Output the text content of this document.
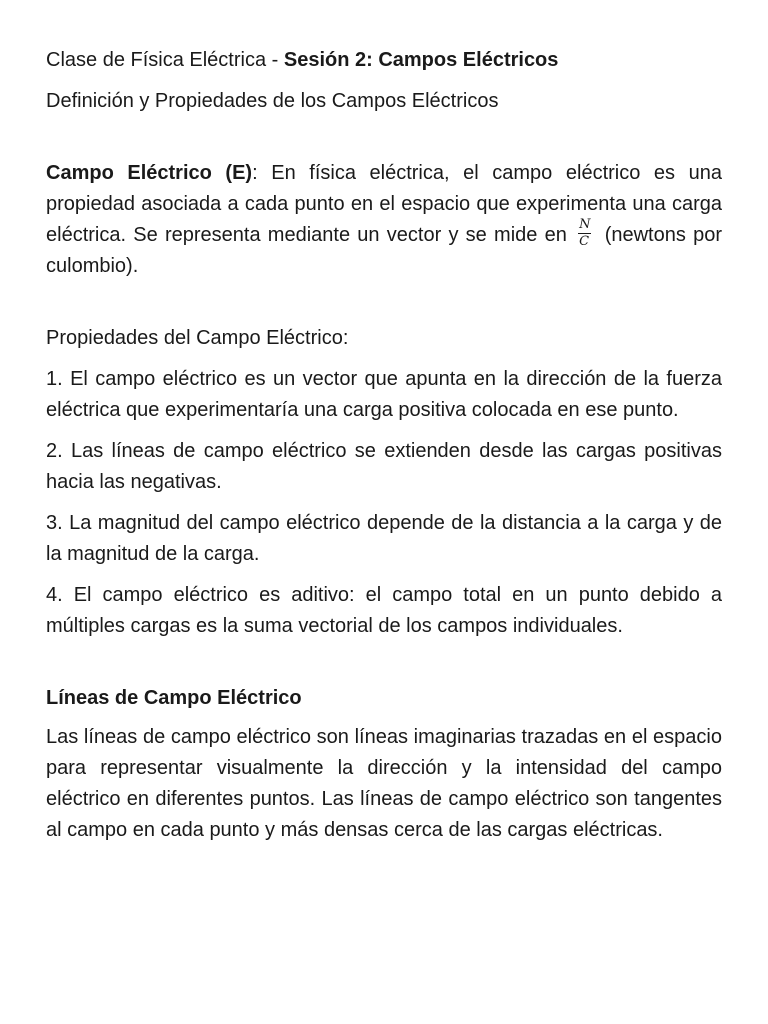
Clase de Física Eléctrica - Sesión 2: Campos Eléctricos

Definición y Propiedades de los Campos Eléctricos

Campo Eléctrico (E): En física eléctrica, el campo eléctrico es una propiedad asociada a cada punto en el espacio que experimenta una carga eléctrica. Se representa mediante un vector y se mide en $\frac{N}{C}$ (newtons por culombio).

Propiedades del Campo Eléctrico:

1. El campo eléctrico es un vector que apunta en la dirección de la fuerza eléctrica que experimentaría una carga positiva colocada en ese punto.

2. Las líneas de campo eléctrico se extienden desde las cargas positivas hacia las negativas.

3. La magnitud del campo eléctrico depende de la distancia a la carga y de la magnitud de la carga.

4. El campo eléctrico es aditivo: el campo total en un punto debido a múltiples cargas es la suma vectorial de los campos individuales.

Líneas de Campo Eléctrico

Las líneas de campo eléctrico son líneas imaginarias trazadas en el espacio para representar visualmente la dirección y la intensidad del campo eléctrico en diferentes puntos. Las líneas de campo eléctrico son tangentes al campo en cada punto y más densas cerca de las cargas eléctricas.
